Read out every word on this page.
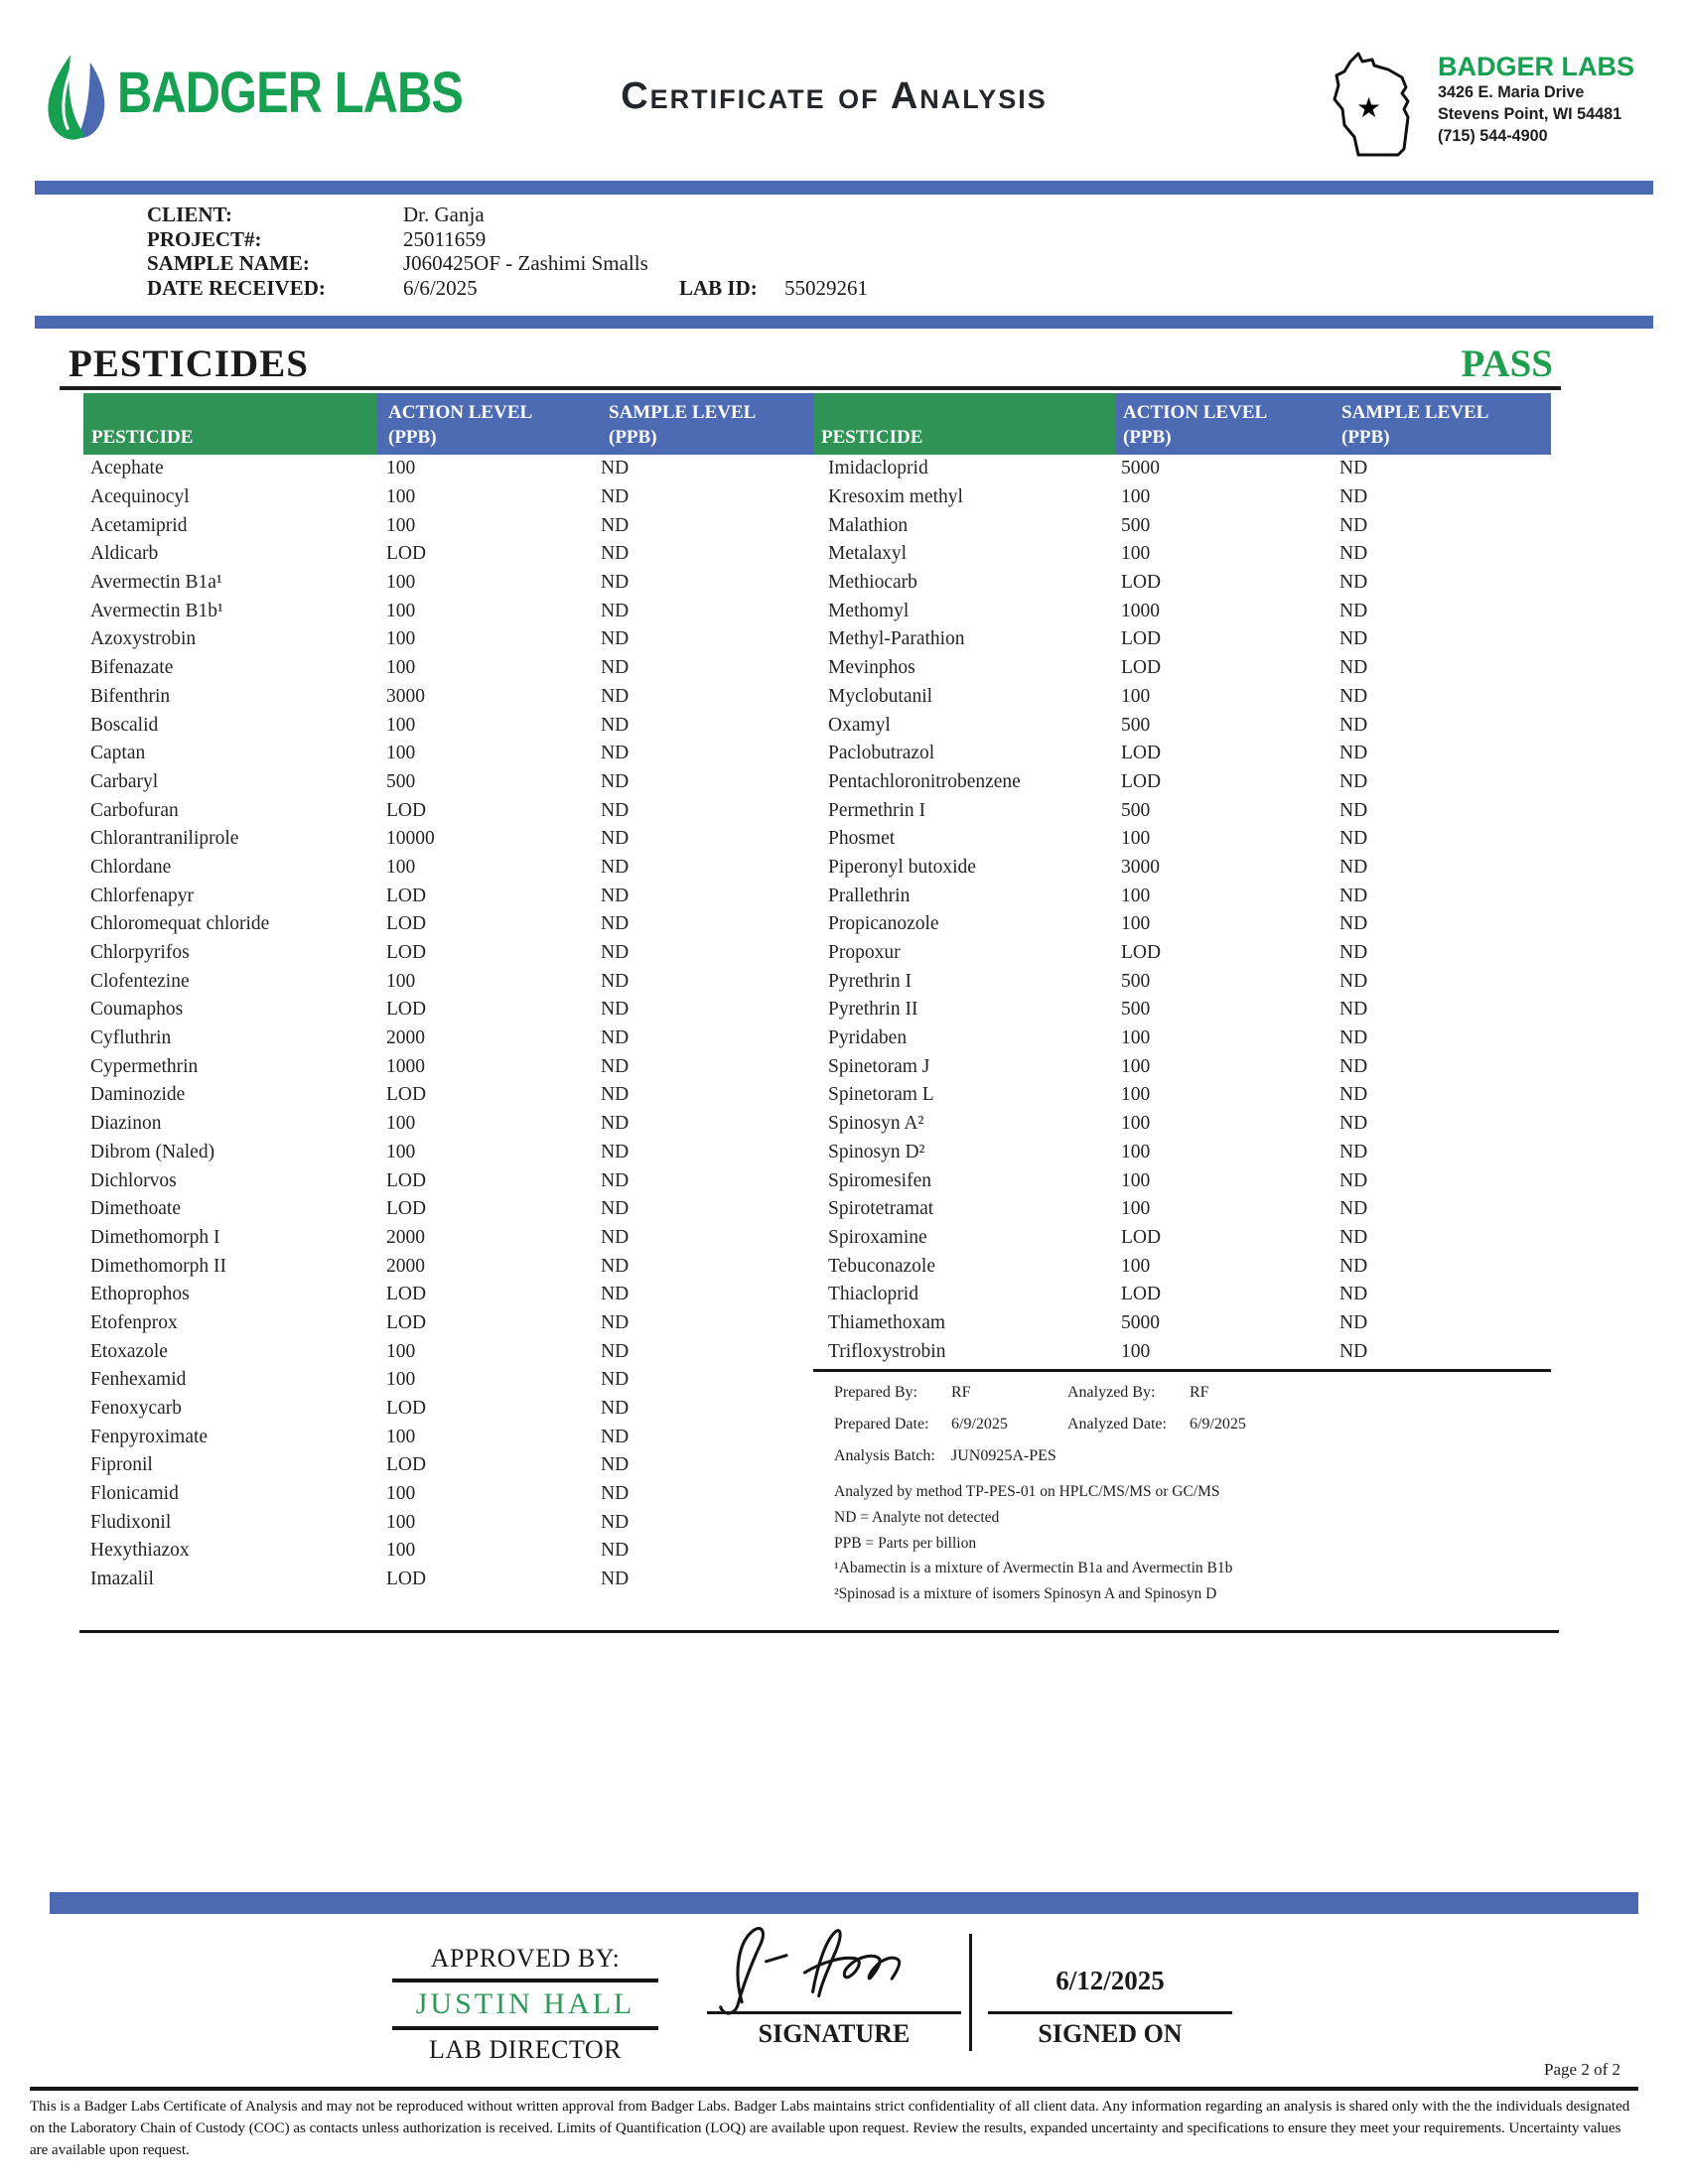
BADGER LABS	Certificate of Analysis	★
BADGER LABS
3426 E. Maria Drive
Stevens Point, WI 54481
(715) 544-4900
CLIENT:	Dr. Ganja
PROJECT#:	25011659
SAMPLE NAME:	J060425OF - Zashimi Smalls
DATE RECEIVED:	6/6/2025	LAB ID: 55029261
PESTICIDES	PASS
PESTICIDE
ACTION LEVEL
(PPB)
SAMPLE LEVEL
(PPB)
Acephate	100	ND
Acequinocyl	100	ND
Acetamiprid	100	ND
Aldicarb	LOD	ND
Avermectin B1a¹	100	ND
Avermectin B1b¹	100	ND
Azoxystrobin	100	ND
Bifenazate	100	ND
Bifenthrin	3000	ND
Boscalid	100	ND
Captan	100	ND
Carbaryl	500	ND
Carbofuran	LOD	ND
Chlorantraniliprole	10000	ND
Chlordane	100	ND
Chlorfenapyr	LOD	ND
Chloromequat chloride	LOD	ND
Chlorpyrifos	LOD	ND
Clofentezine	100	ND
Coumaphos	LOD	ND
Cyfluthrin	2000	ND
Cypermethrin	1000	ND
Daminozide	LOD	ND
Diazinon	100	ND
Dibrom (Naled)	100	ND
Dichlorvos	LOD	ND
Dimethoate	LOD	ND
Dimethomorph I	2000	ND
Dimethomorph II	2000	ND
Ethoprophos	LOD	ND
Etofenprox	LOD	ND
Etoxazole	100	ND
Fenhexamid	100	ND
Fenoxycarb	LOD	ND
Fenpyroximate	100	ND
Fipronil	LOD	ND
Flonicamid	100	ND
Fludixonil	100	ND
Hexythiazox	100	ND
Imazalil	LOD	ND
PESTICIDE
ACTION LEVEL
(PPB)
SAMPLE LEVEL
(PPB)
Imidacloprid	5000	ND
Kresoxim methyl	100	ND
Malathion	500	ND
Metalaxyl	100	ND
Methiocarb	LOD	ND
Methomyl	1000	ND
Methyl-Parathion	LOD	ND
Mevinphos	LOD	ND
Myclobutanil	100	ND
Oxamyl	500	ND
Paclobutrazol	LOD	ND
Pentachloronitrobenzene	LOD	ND
Permethrin I	500	ND
Phosmet	100	ND
Piperonyl butoxide	3000	ND
Prallethrin	100	ND
Propicanozole	100	ND
Propoxur	LOD	ND
Pyrethrin I	500	ND
Pyrethrin II	500	ND
Pyridaben	100	ND
Spinetoram J	100	ND
Spinetoram L	100	ND
Spinosyn A²	100	ND
Spinosyn D²	100	ND
Spiromesifen	100	ND
Spirotetramat	100	ND
Spiroxamine	LOD	ND
Tebuconazole	100	ND
Thiacloprid	LOD	ND
Thiamethoxam	5000	ND
Trifloxystrobin	100	ND
Prepared By:	RF	Analyzed By:	RF
Prepared Date:	6/9/2025	Analyzed Date:	6/9/2025
Analysis Batch:	JUN0925A-PES
Analyzed by method TP-PES-01 on HPLC/MS/MS or GC/MS
ND = Analyte not detected
PPB = Parts per billion
¹Abamectin is a mixture of Avermectin B1a and Avermectin B1b
²Spinosad is a mixture of isomers Spinosyn A and Spinosyn D
APPROVED BY:
JUSTIN HALL
LAB DIRECTOR
SIGNATURE
6/12/2025
SIGNED ON
Page 2 of 2
This is a Badger Labs Certificate of Analysis and may not be reproduced without written approval from Badger Labs. Badger Labs maintains strict confidentiality of all client data. Any information regarding an analysis is shared only with the the individuals designated on the Laboratory Chain of Custody (COC) as contacts unless authorization is received. Limits of Quantification (LOQ) are available upon request. Review the results, expanded uncertainty and specifications to ensure they meet your requirements. Uncertainty values are available upon request.
